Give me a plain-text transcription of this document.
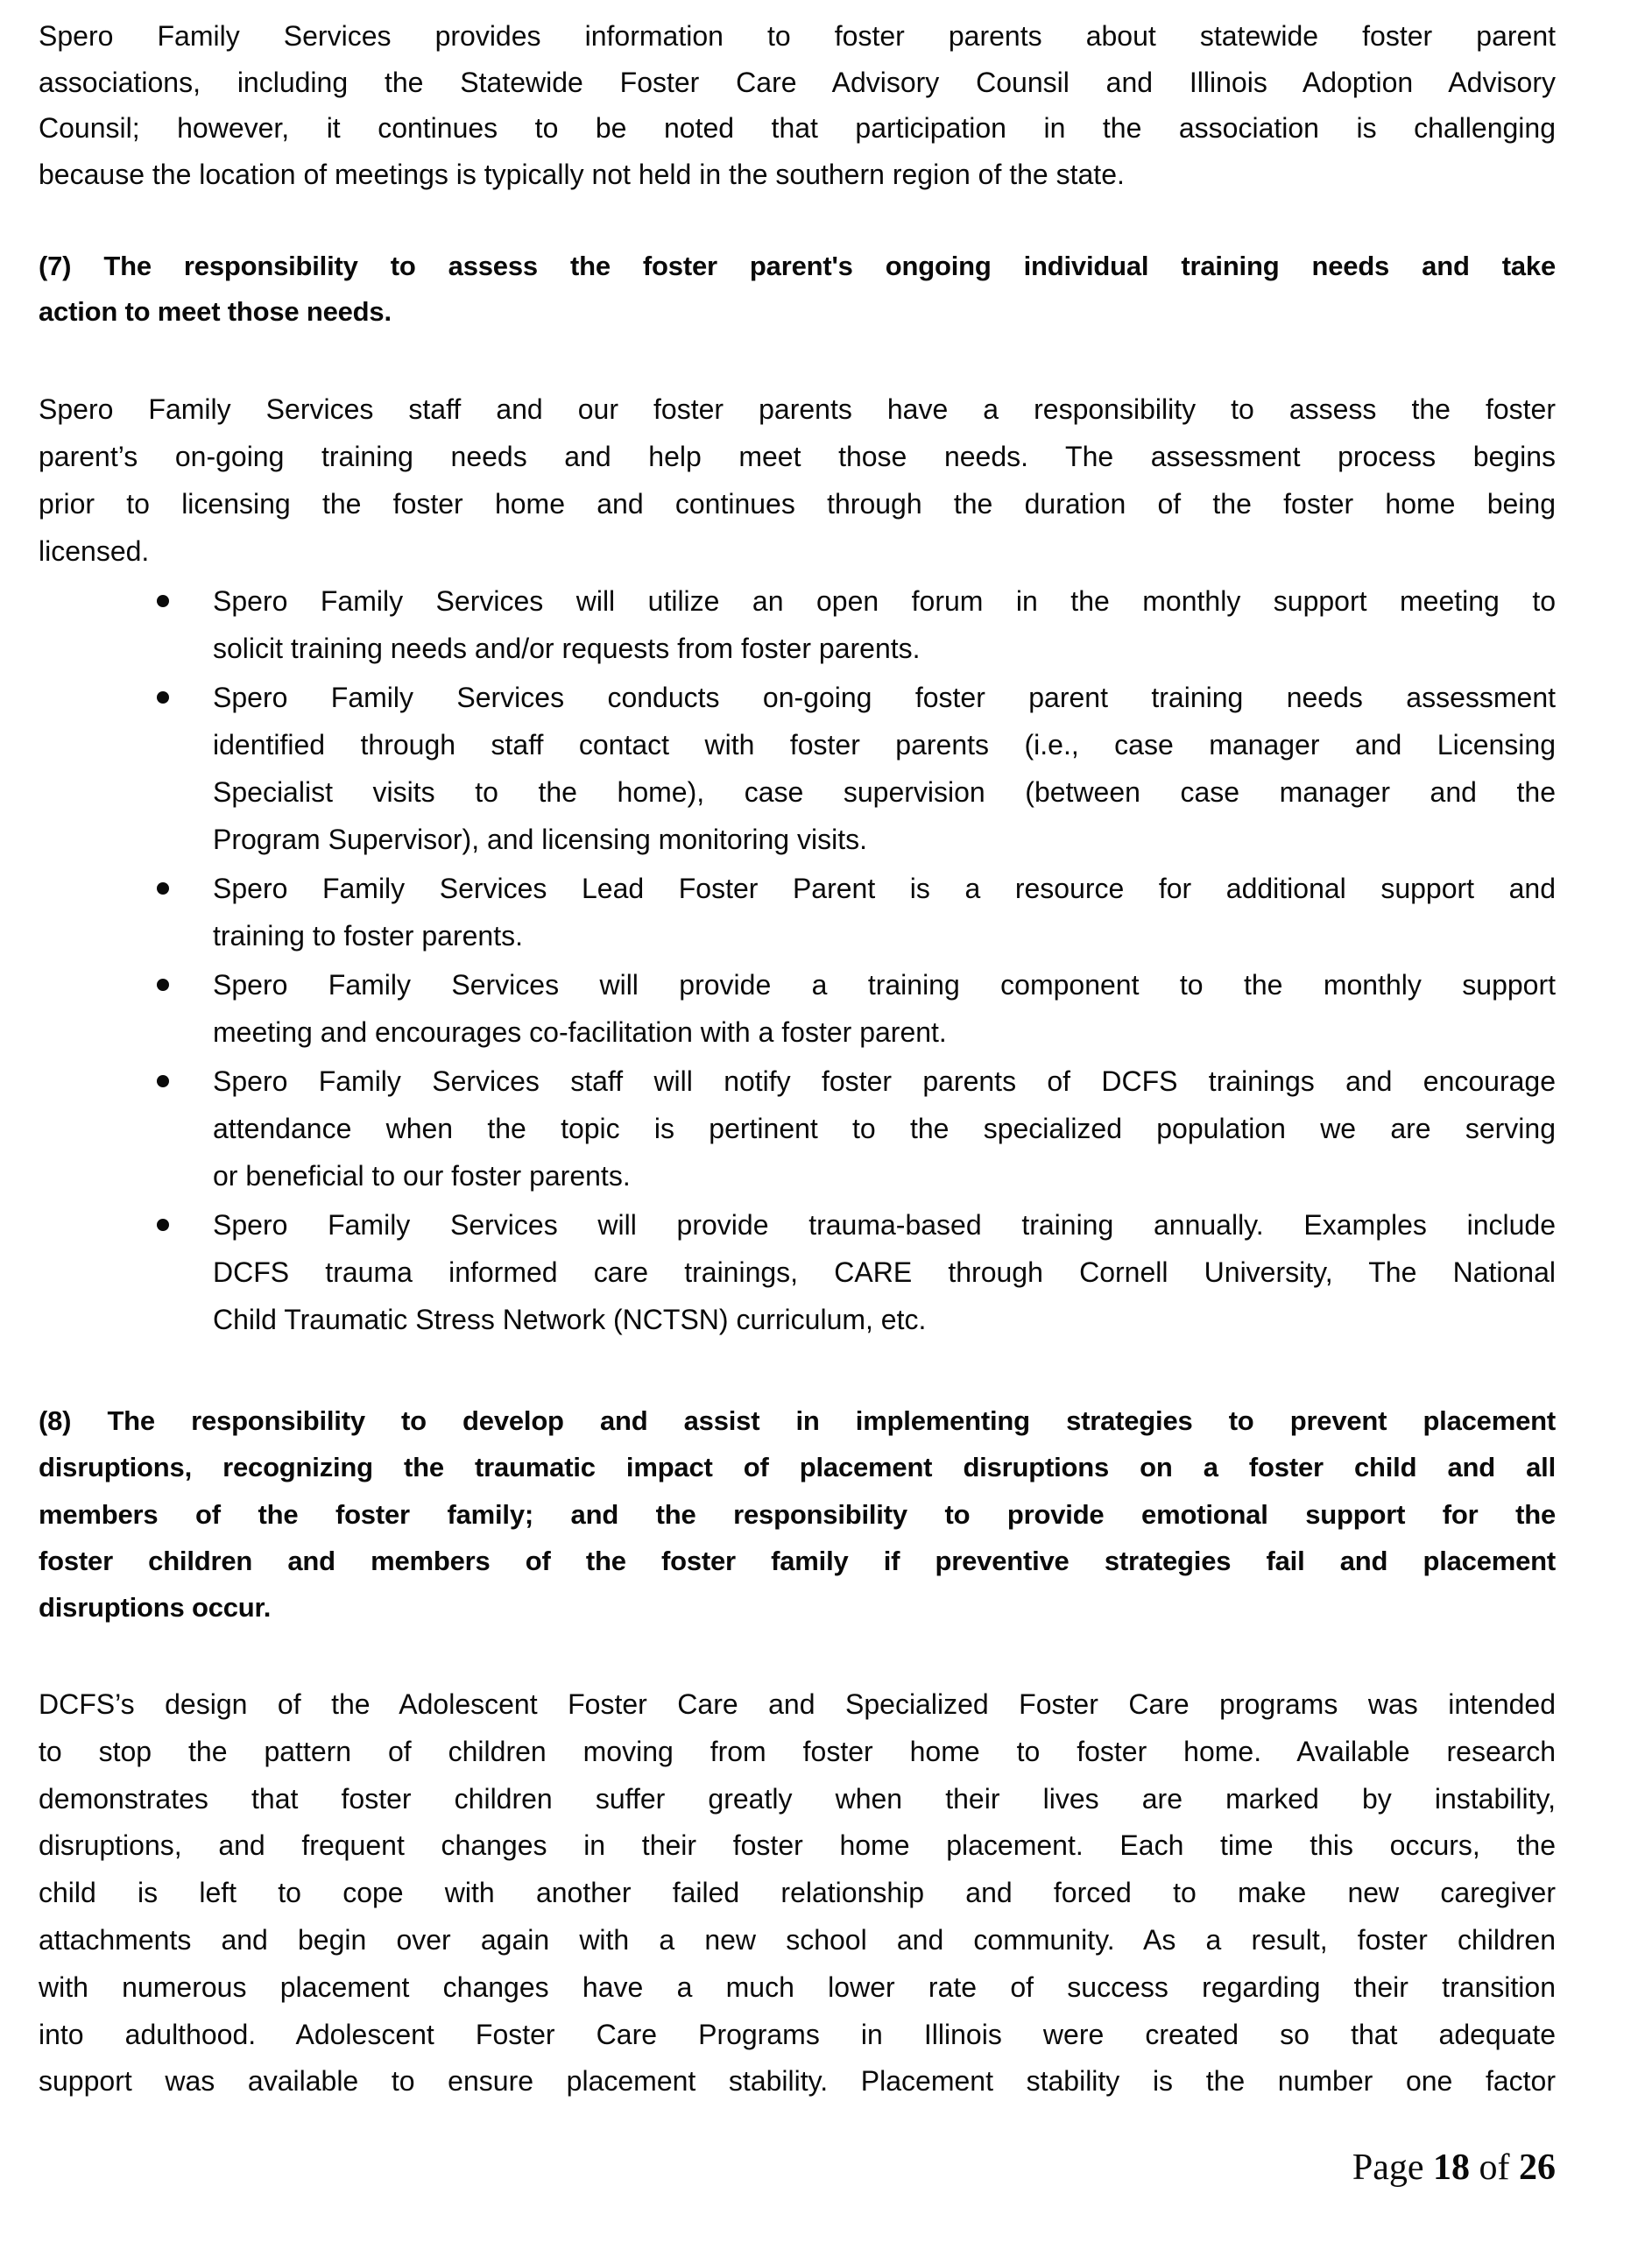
Spero Family Services provides information to foster parents about statewide foster parent
associations, including the Statewide Foster Care Advisory Counsil and Illinois Adoption Advisory
Counsil; however, it continues to be noted that participation in the association is challenging
because the location of meetings is typically not held in the southern region of the state.
(7) The responsibility to assess the foster parent's ongoing individual training needs and take
action to meet those needs.
Spero Family Services staff and our foster parents have a responsibility to assess the foster
parent’s on-going training needs and help meet those needs. The assessment process begins
prior to licensing the foster home and continues through the duration of the foster home being
licensed.
Spero Family Services will utilize an open forum in the monthly support meeting to
solicit training needs and/or requests from foster parents.
Spero Family Services conducts on-going foster parent training needs assessment
identified through staff contact with foster parents (i.e., case manager and Licensing
Specialist visits to the home), case supervision (between case manager and the
Program Supervisor), and licensing monitoring visits.
Spero Family Services Lead Foster Parent is a resource for additional support and
training to foster parents.
Spero Family Services will provide a training component to the monthly support
meeting and encourages co-facilitation with a foster parent.
Spero Family Services staff will notify foster parents of DCFS trainings and encourage
attendance when the topic is pertinent to the specialized population we are serving
or beneficial to our foster parents.
Spero Family Services will provide trauma-based training annually. Examples include
DCFS trauma informed care trainings, CARE through Cornell University, The National
Child Traumatic Stress Network (NCTSN) curriculum, etc.
(8) The responsibility to develop and assist in implementing strategies to prevent placement
disruptions, recognizing the traumatic impact of placement disruptions on a foster child and all
members of the foster family; and the responsibility to provide emotional support for the
foster children and members of the foster family if preventive strategies fail and placement
disruptions occur.
DCFS’s design of the Adolescent Foster Care and Specialized Foster Care programs was intended
to stop the pattern of children moving from foster home to foster home. Available research
demonstrates that foster children suffer greatly when their lives are marked by instability,
disruptions, and frequent changes in their foster home placement. Each time this occurs, the
child is left to cope with another failed relationship and forced to make new caregiver
attachments and begin over again with a new school and community. As a result, foster children
with numerous placement changes have a much lower rate of success regarding their transition
into adulthood. Adolescent Foster Care Programs in Illinois were created so that adequate
support was available to ensure placement stability. Placement stability is the number one factor
Page 18 of 26
